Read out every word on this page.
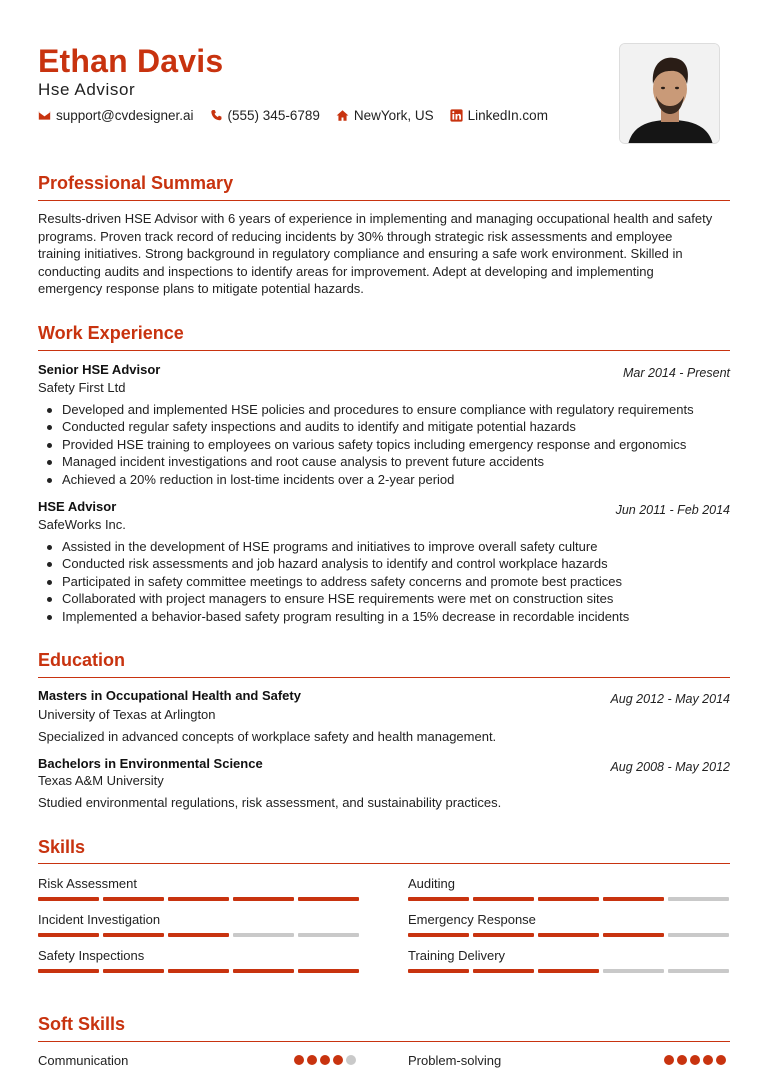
Ethan Davis
Hse Advisor
support@cvdesigner.ai	(555) 345-6789	NewYork, US	LinkedIn.com
Professional Summary
Results-driven HSE Advisor with 6 years of experience in implementing and managing occupational health and safety
programs. Proven track record of reducing incidents by 30% through strategic risk assessments and employee
training initiatives. Strong background in regulatory compliance and ensuring a safe work environment. Skilled in
conducting audits and inspections to identify areas for improvement. Adept at developing and implementing
emergency response plans to mitigate potential hazards.
Work Experience
Senior HSE Advisor	Mar 2014 - Present
Safety First Ltd
Developed and implemented HSE policies and procedures to ensure compliance with regulatory requirements
Conducted regular safety inspections and audits to identify and mitigate potential hazards
Provided HSE training to employees on various safety topics including emergency response and ergonomics
Managed incident investigations and root cause analysis to prevent future accidents
Achieved a 20% reduction in lost-time incidents over a 2-year period
HSE Advisor	Jun 2011 - Feb 2014
SafeWorks Inc.
Assisted in the development of HSE programs and initiatives to improve overall safety culture
Conducted risk assessments and job hazard analysis to identify and control workplace hazards
Participated in safety committee meetings to address safety concerns and promote best practices
Collaborated with project managers to ensure HSE requirements were met on construction sites
Implemented a behavior-based safety program resulting in a 15% decrease in recordable incidents
Education
Masters in Occupational Health and Safety	Aug 2012 - May 2014
University of Texas at Arlington
Specialized in advanced concepts of workplace safety and health management.
Bachelors in Environmental Science	Aug 2008 - May 2012
Texas A&M University
Studied environmental regulations, risk assessment, and sustainability practices.
Skills
Risk Assessment	Auditing
Incident Investigation	Emergency Response
Safety Inspections	Training Delivery
Soft Skills
Communication	Problem-solving
